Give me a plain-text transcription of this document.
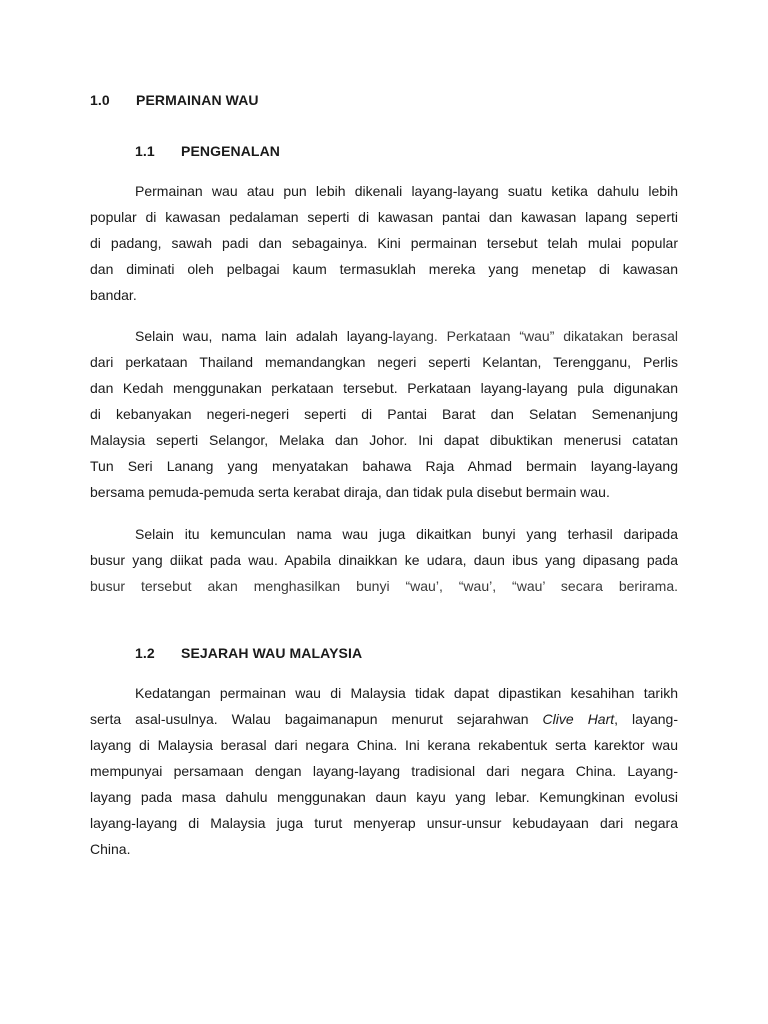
1.0 PERMAINAN WAU
1.1 PENGENALAN
Permainan wau atau pun lebih dikenali layang-layang suatu ketika dahulu lebih
popular di kawasan pedalaman seperti di kawasan pantai dan kawasan lapang seperti
di padang, sawah padi dan sebagainya. Kini permainan tersebut telah mulai popular
dan diminati oleh pelbagai kaum termasuklah mereka yang menetap di kawasan
bandar.
Selain wau, nama lain adalah layang-layang. Perkataan “wau” dikatakan berasal
dari perkataan Thailand memandangkan negeri seperti Kelantan, Terengganu, Perlis
dan Kedah menggunakan perkataan tersebut. Perkataan layang-layang pula digunakan
di kebanyakan negeri-negeri seperti di Pantai Barat dan Selatan Semenanjung
Malaysia seperti Selangor, Melaka dan Johor. Ini dapat dibuktikan menerusi catatan
Tun Seri Lanang yang menyatakan bahawa Raja Ahmad bermain layang-layang
bersama pemuda-pemuda serta kerabat diraja, dan tidak pula disebut bermain wau.
Selain itu kemunculan nama wau juga dikaitkan bunyi yang terhasil daripada
busur yang diikat pada wau. Apabila dinaikkan ke udara, daun ibus yang dipasang pada
busur tersebut akan menghasilkan bunyi “wau’, “wau’, “wau’ secara berirama.
1.2 SEJARAH WAU MALAYSIA
Kedatangan permainan wau di Malaysia tidak dapat dipastikan kesahihan tarikh
serta asal-usulnya. Walau bagaimanapun menurut sejarahwan Clive Hart, layang-
layang di Malaysia berasal dari negara China. Ini kerana rekabentuk serta karektor wau
mempunyai persamaan dengan layang-layang tradisional dari negara China. Layang-
layang pada masa dahulu menggunakan daun kayu yang lebar. Kemungkinan evolusi
layang-layang di Malaysia juga turut menyerap unsur-unsur kebudayaan dari negara
China.
